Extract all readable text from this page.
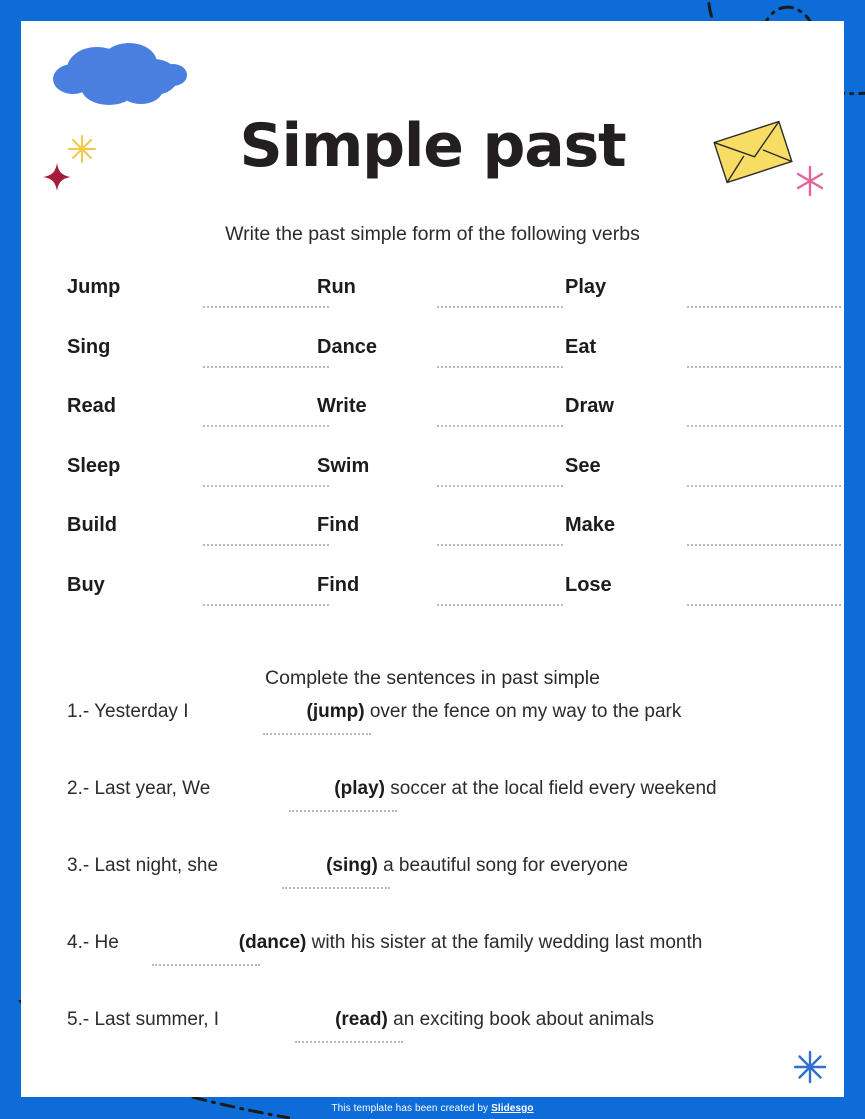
Simple past

Write the past simple form of the following verbs

Jump	Run	Play
Sing	Dance	Eat
Read	Write	Draw
Sleep	Swim	See
Build	Find	Make
Buy	Find	Lose

Complete the sentences in past simple

1.- Yesterday I	(jump) over the fence on my way to the park
2.- Last year, We	(play) soccer at the local field every weekend
3.- Last night, she	(sing) a beautiful song for everyone
4.- He	(dance) with his sister at the family wedding last month
5.- Last summer, I	(read) an exciting book about animals
This template has been created by Slidesgo
